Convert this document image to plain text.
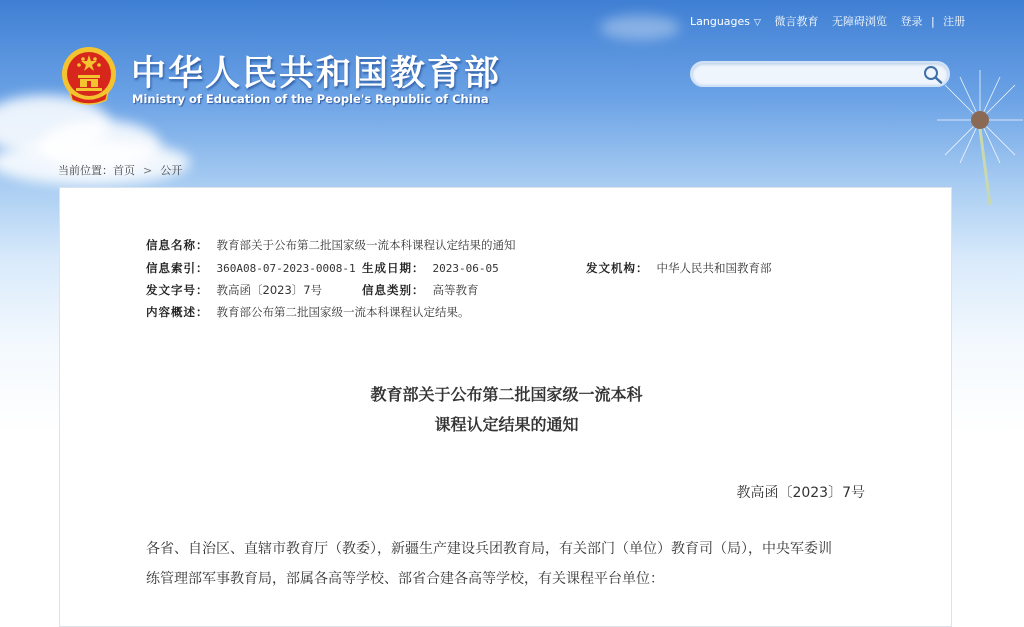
中华人民共和国教育部
Ministry of Education of the People's Republic of China
Languages ▽ 微言教育 无障碍浏览 登录 | 注册
当前位置：首页 > 公开
信息名称： 教育部关于公布第二批国家级一流本科课程认定结果的通知
信息索引： 360A08-07-2023-0008-1 生成日期： 2023-06-05	发文机构： 中华人民共和国教育部
发文字号： 教高函〔2023〕7号	信息类别： 高等教育
内容概述： 教育部公布第二批国家级一流本科课程认定结果。
教育部关于公布第二批国家级一流本科
课程认定结果的通知
教高函〔2023〕7号
各省、自治区、直辖市教育厅（教委），新疆生产建设兵团教育局，有关部门（单位）教育司（局），中央军委训
练管理部军事教育局，部属各高等学校、部省合建各高等学校，有关课程平台单位：
